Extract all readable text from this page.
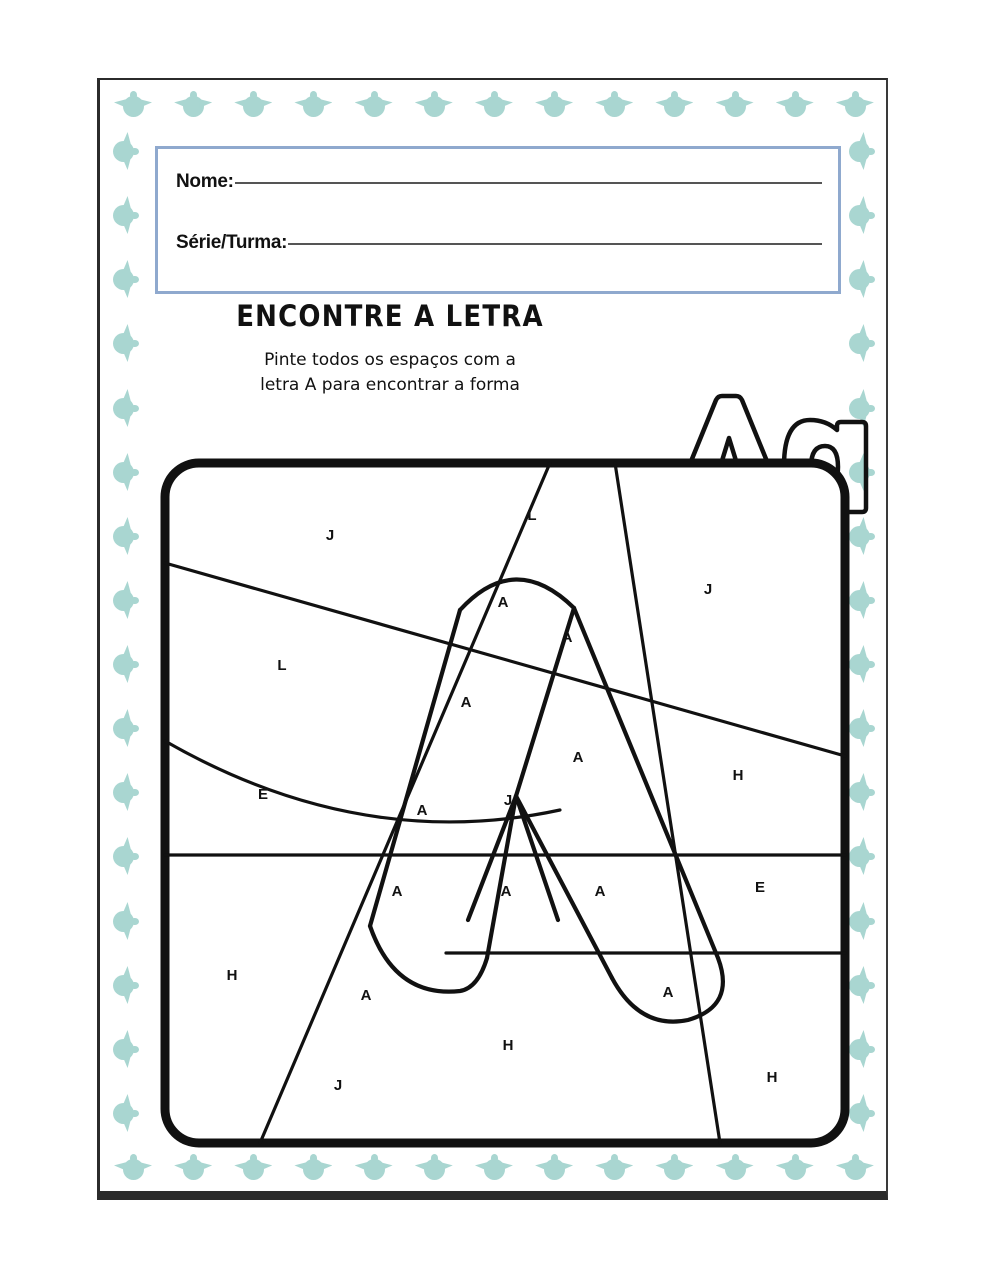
Nome:
Série/Turma:

ENCONTRE A LETRA

Pinte todos os espaços com a

letra A para encontrar a forma

J
L
J
A
A
L
A
A
E
A
J
H
A	A	A	E
H
A	A
H
J	H
